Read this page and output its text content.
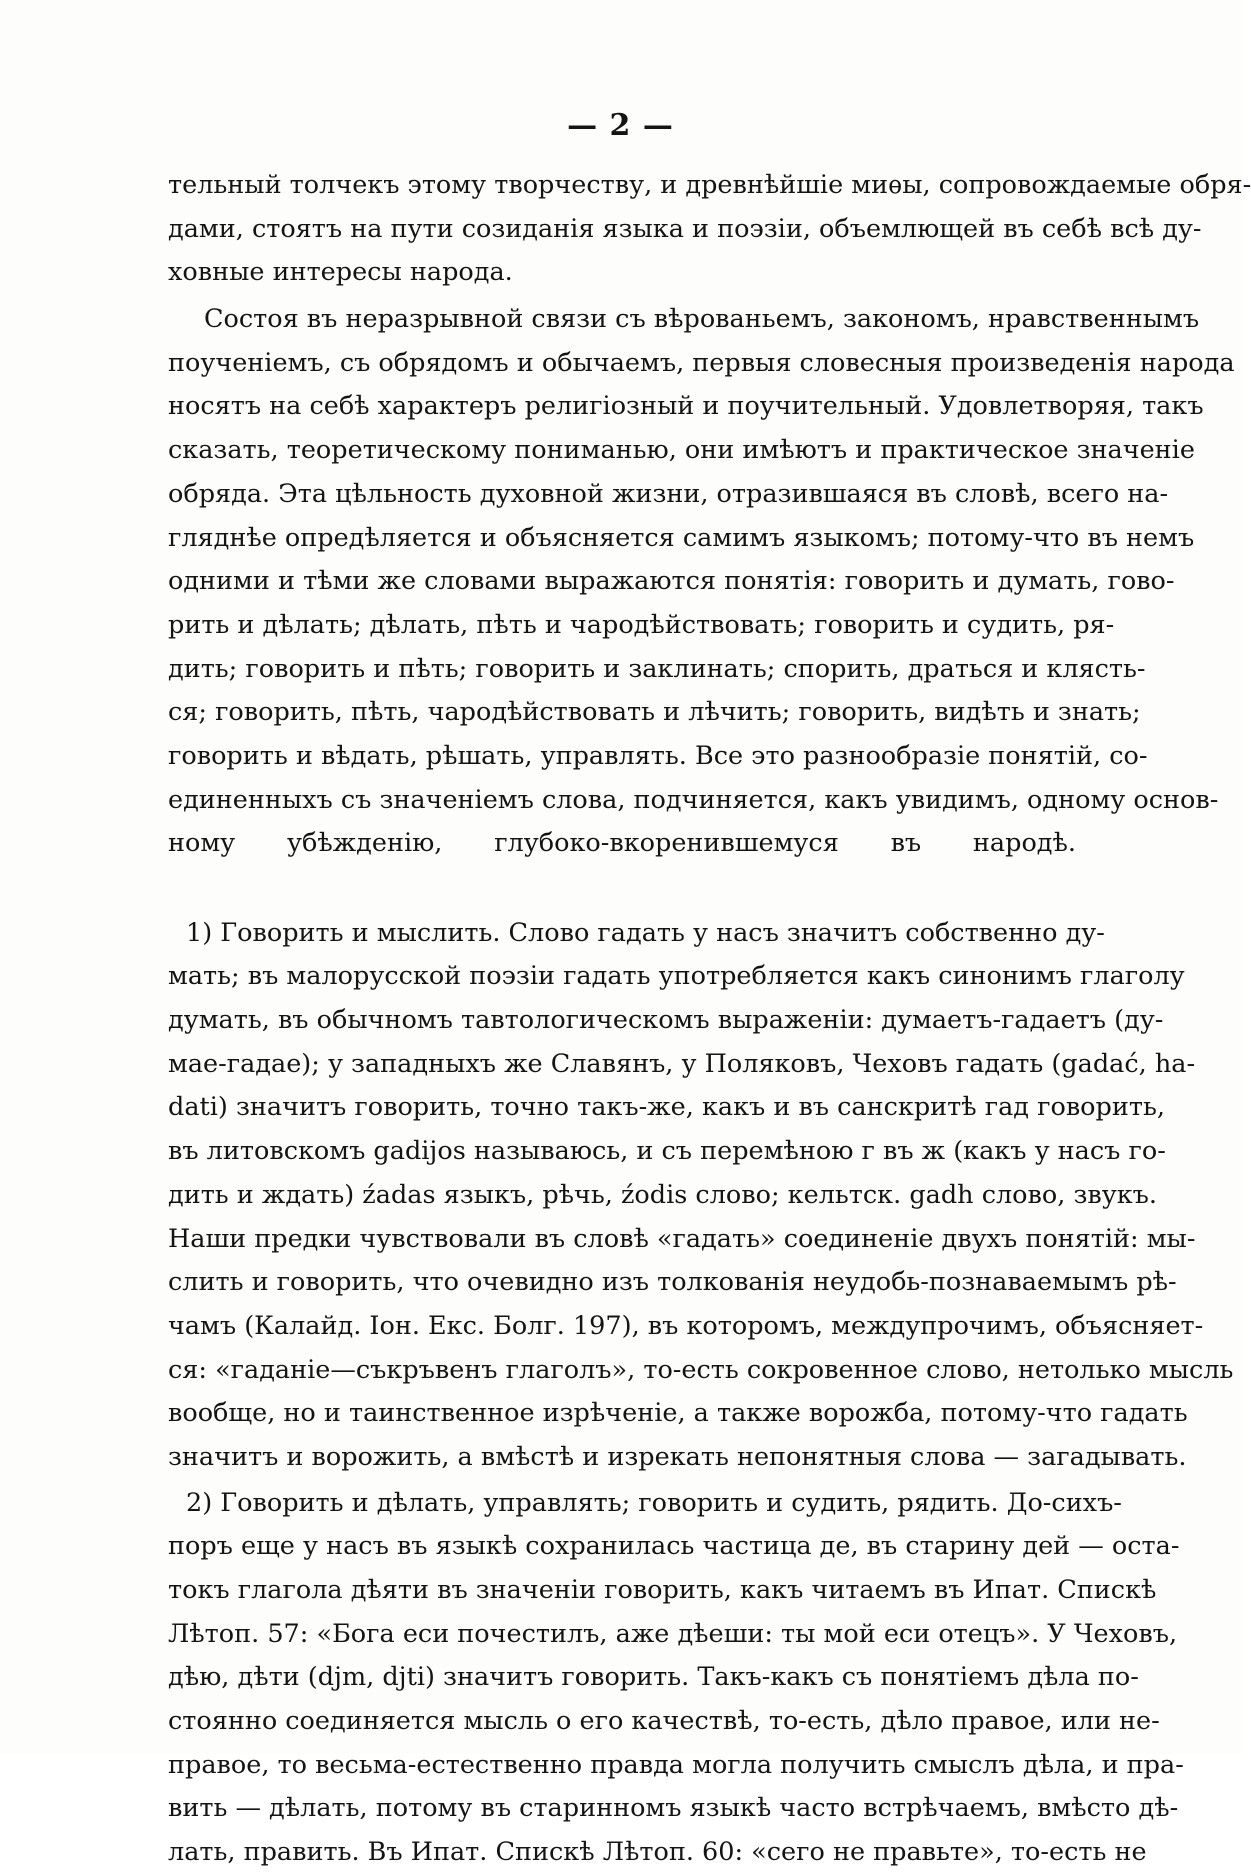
— 2 —
тельный толчекъ этому творчеству, и древнѣйшіе миѳы, сопровождаемые обря-
дами, стоятъ на пути созиданія языка и поэзіи, объемлющей въ себѣ всѣ ду-
ховные интересы народа.
Состоя въ неразрывной связи съ вѣрованьемъ, закономъ, нравственнымъ
поученіемъ, съ обрядомъ и обычаемъ, первыя словесныя произведенія народа
носятъ на себѣ характеръ религіозный и поучительный. Удовлетворяя, такъ
сказать, теоретическому пониманью, они имѣютъ и практическое значеніе
обряда. Эта цѣльность духовной жизни, отразившаяся въ словѣ, всего на-
гляднѣе опредѣляется и объясняется самимъ языкомъ; потому-что въ немъ
одними и тѣми же словами выражаются понятія: говорить и думать, гово-
рить и дѣлать; дѣлать, пѣть и чародѣйствовать; говорить и судить, ря-
дить; говорить и пѣть; говорить и заклинать; спорить, драться и клясть-
ся; говорить, пѣть, чародѣйствовать и лѣчить; говорить, видѣть и знать;
говорить и вѣдать, рѣшать, управлять. Все это разнообразіе понятій, со-
единенныхъ съ значеніемъ слова, подчиняется, какъ увидимъ, одному основ-
ному убѣжденію, глубоко-вкоренившемуся въ народѣ.
1) Говорить и мыслить. Слово гадать у насъ значитъ собственно ду-
мать; въ малорусской поэзіи гадать употребляется какъ синонимъ глаголу
думать, въ обычномъ тавтологическомъ выраженіи: думаетъ-гадаетъ (ду-
мае-гадае); у западныхъ же Славянъ, у Поляковъ, Чеховъ гадать (gadać, ha-
dati) значитъ говорить, точно такъ-же, какъ и въ санскритѣ гад говорить,
въ литовскомъ gadijos называюсь, и съ перемѣною г въ ж (какъ у насъ го-
дить и ждать) źadas языкъ, рѣчь, źodis слово; кельтск. gadh слово, звукъ.
Наши предки чувствовали въ словѣ «гадать» соединеніе двухъ понятій: мы-
слить и говорить, что очевидно изъ толкованія неудобь-познаваемымъ рѣ-
чамъ (Калайд. Іон. Екс. Болг. 197), въ которомъ, междупрочимъ, объясняет-
ся: «гаданіе—съкръвенъ глаголъ», то-есть сокровенное слово, нетолько мысль
вообще, но и таинственное изрѣченіе, а также ворожба, потому-что гадать
значитъ и ворожить, а вмѣстѣ и изрекать непонятныя слова — загадывать.
2) Говорить и дѣлать, управлять; говорить и судить, рядить. До-сихъ-
поръ еще у насъ въ языкѣ сохранилась частица де, въ старину дей — оста-
токъ глагола дѣяти въ значеніи говорить, какъ читаемъ въ Ипат. Спискѣ
Лѣтоп. 57: «Бога еси почестилъ, аже дѣеши: ты мой еси отецъ». У Чеховъ,
дѣю, дѣти (djm, djti) значитъ говорить. Такъ-какъ съ понятіемъ дѣла по-
стоянно соединяется мысль о его качествѣ, то-есть, дѣло правое, или не-
правое, то весьма-естественно правда могла получить смыслъ дѣла, и пра-
вить — дѣлать, потому въ старинномъ языкѣ часто встрѣчаемъ, вмѣсто дѣ-
лать, править. Въ Ипат. Спискѣ Лѣтоп. 60: «сего не правьте», то-есть не
